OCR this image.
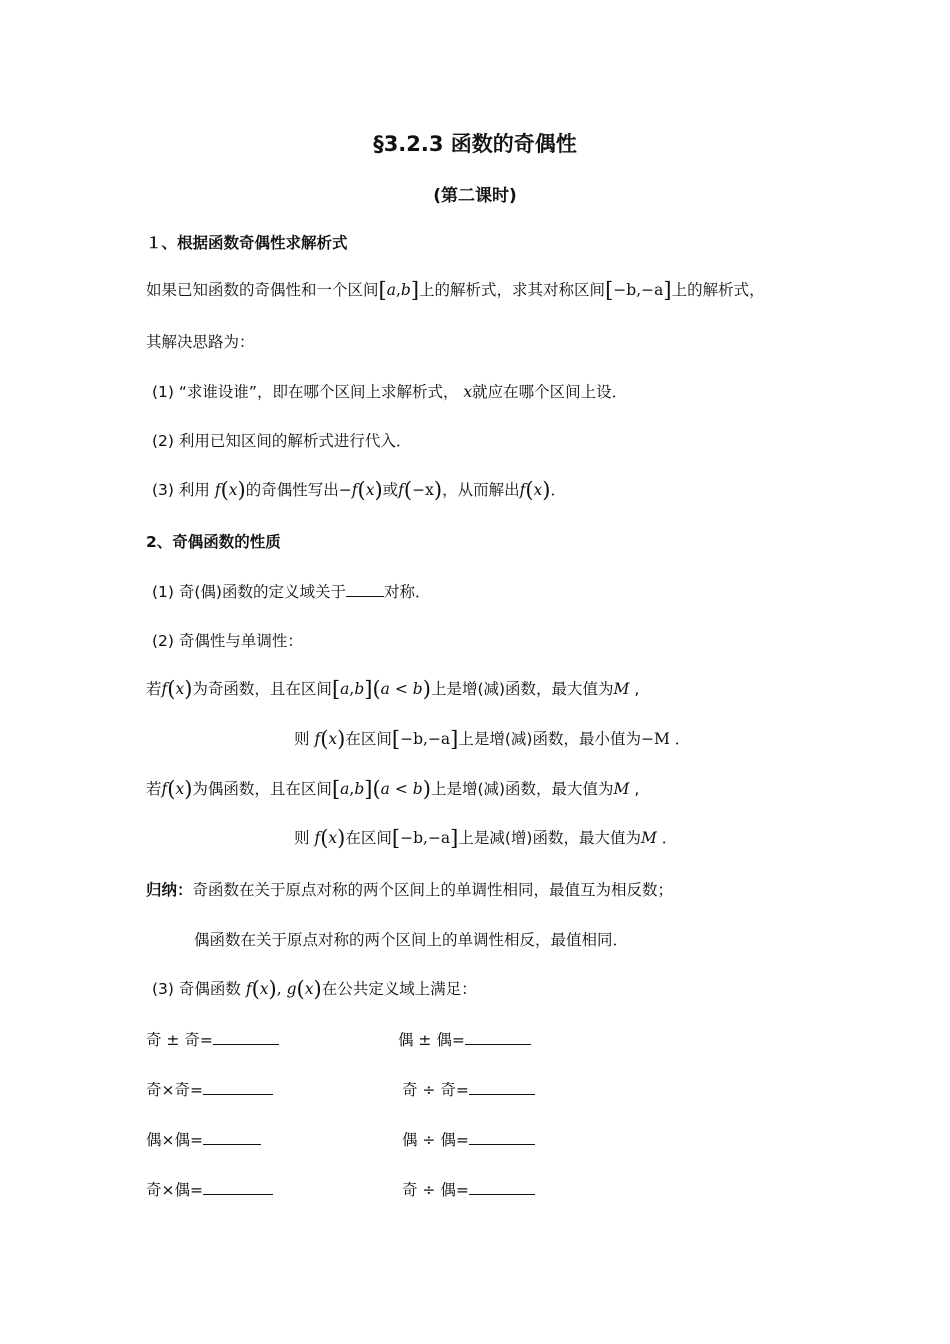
§3.2.3 函数的奇偶性
(第二课时)
１、根据函数奇偶性求解析式
如果已知函数的奇偶性和一个区间[a,b]上的解析式，求其对称区间[−b,−a]上的解析式，
其解决思路为：
(1) “求谁设谁”，即在哪个区间上求解析式， x就应在哪个区间上设．
(2) 利用已知区间的解析式进行代入．
(3) 利用 f(x)的奇偶性写出−f(x)或f(−x)，从而解出f(x)．
2、奇偶函数的性质
(1) 奇(偶)函数的定义域关于 对称．
(2) 奇偶性与单调性：
若f(x)为奇函数，且在区间[a,b](a < b)上是增(减)函数，最大值为M ,
则 f(x)在区间[−b,−a]上是增(减)函数，最小值为−M ．
若f(x)为偶函数，且在区间[a,b](a < b)上是增(减)函数，最大值为M ,
则 f(x)在区间[−b,−a]上是减(增)函数，最大值为M ．
归纳：奇函数在关于原点对称的两个区间上的单调性相同，最值互为相反数；
偶函数在关于原点对称的两个区间上的单调性相反，最值相同．
(3) 奇偶函数 f(x), g(x)在公共定义域上满足：
奇 ± 奇=	偶 ± 偶=
奇×奇=	奇 ÷ 奇=
偶×偶=	偶 ÷ 偶=
奇×偶=	奇 ÷ 偶=
